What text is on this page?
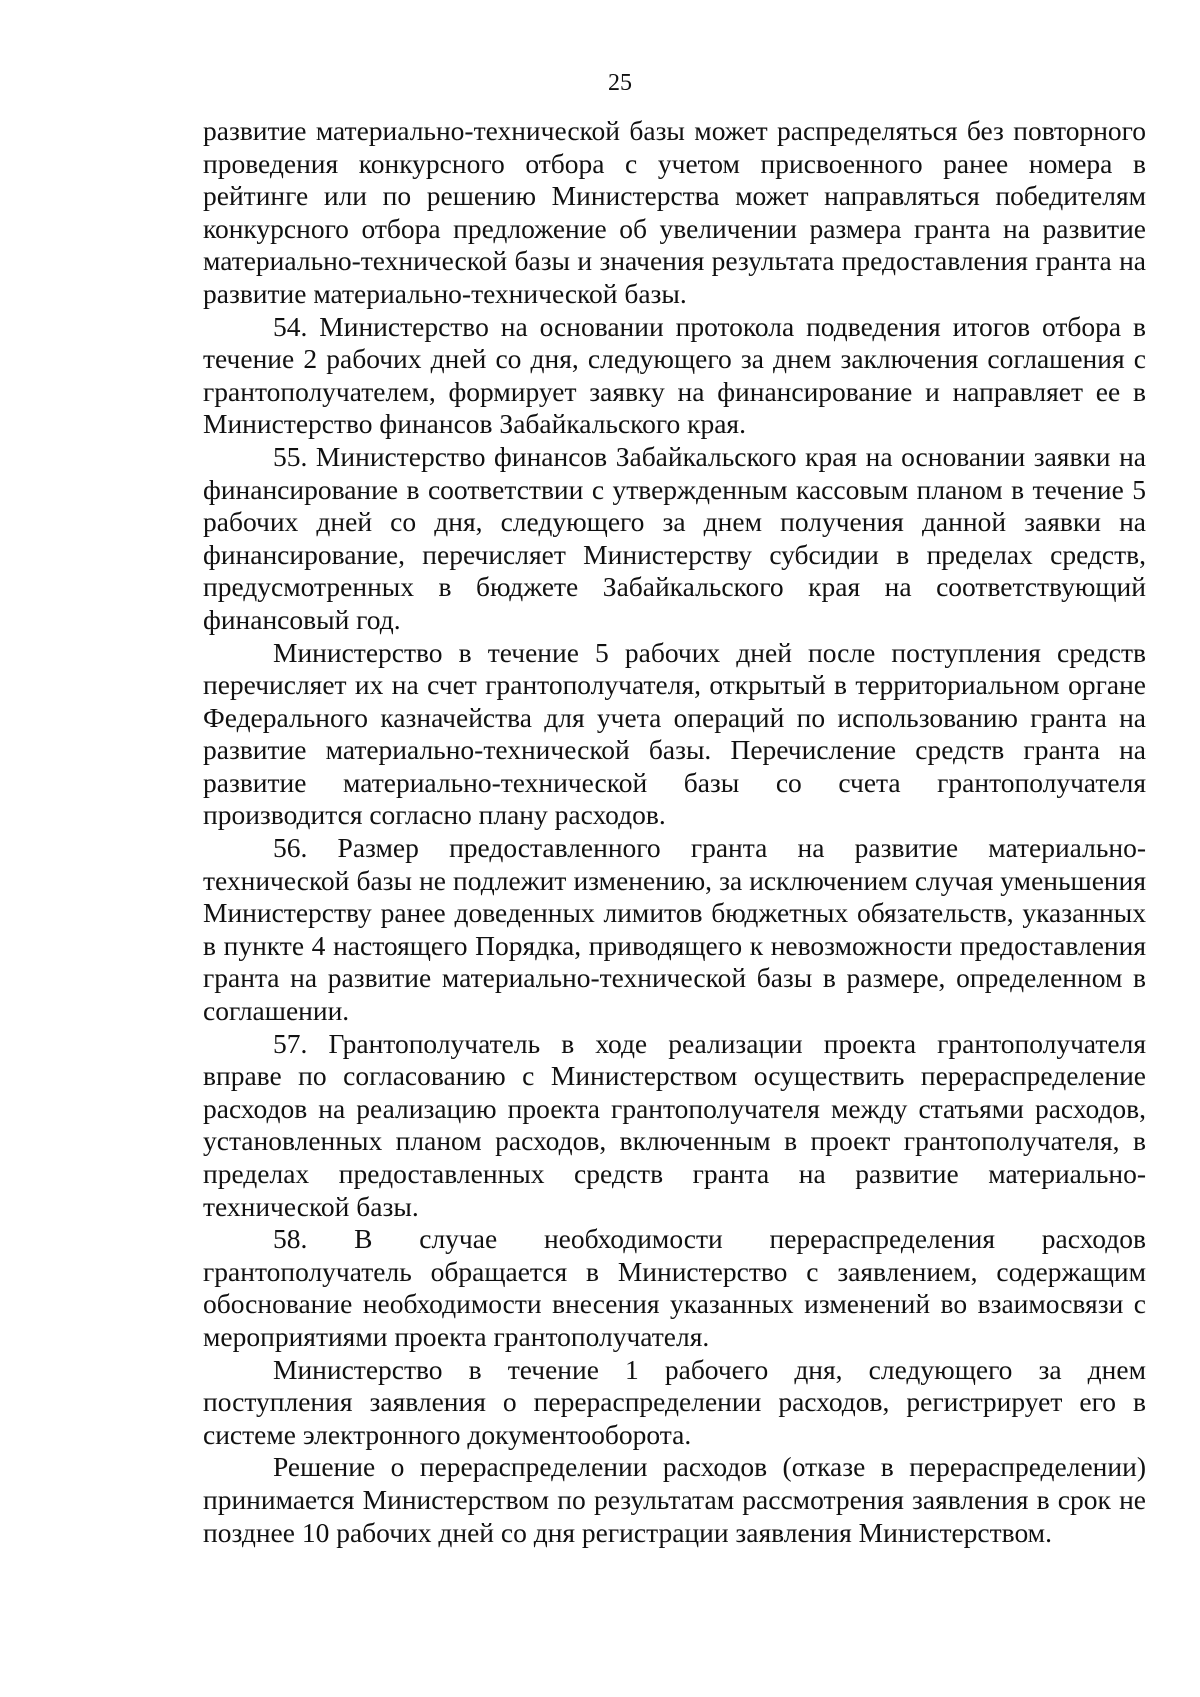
25

развитие материально-технической базы может распределяться без повторного проведения конкурсного отбора с учетом присвоенного ранее номера в рейтинге или по решению Министерства может направляться победителям конкурсного отбора предложение об увеличении размера гранта на развитие материально-технической базы и значения результата предоставления гранта на развитие материально-технической базы.

54. Министерство на основании протокола подведения итогов отбора в течение 2 рабочих дней со дня, следующего за днем заключения соглашения с грантополучателем, формирует заявку на финансирование и направляет ее в Министерство финансов Забайкальского края.

55. Министерство финансов Забайкальского края на основании заявки на финансирование в соответствии с утвержденным кассовым планом в течение 5 рабочих дней со дня, следующего за днем получения данной заявки на финансирование, перечисляет Министерству субсидии в пределах средств, предусмотренных в бюджете Забайкальского края на соответствующий финансовый год.

Министерство в течение 5 рабочих дней после поступления средств перечисляет их на счет грантополучателя, открытый в территориальном органе Федерального казначейства для учета операций по использованию гранта на развитие материально-технической базы. Перечисление средств гранта на развитие материально-технической базы со счета грантополучателя производится согласно плану расходов.

56. Размер предоставленного гранта на развитие материально-технической базы не подлежит изменению, за исключением случая уменьшения Министерству ранее доведенных лимитов бюджетных обязательств, указанных в пункте 4 настоящего Порядка, приводящего к невозможности предоставления гранта на развитие материально-технической базы в размере, определенном в соглашении.

57. Грантополучатель в ходе реализации проекта грантополучателя вправе по согласованию с Министерством осуществить перераспределение расходов на реализацию проекта грантополучателя между статьями расходов, установленных планом расходов, включенным в проект грантополучателя, в пределах предоставленных средств гранта на развитие материально-технической базы.

58. В случае необходимости перераспределения расходов грантополучатель обращается в Министерство с заявлением, содержащим обоснование необходимости внесения указанных изменений во взаимосвязи с мероприятиями проекта грантополучателя.

Министерство в течение 1 рабочего дня, следующего за днем поступления заявления о перераспределении расходов, регистрирует его в системе электронного документооборота.

Решение о перераспределении расходов (отказе в перераспределении) принимается Министерством по результатам рассмотрения заявления в срок не позднее 10 рабочих дней со дня регистрации заявления Министерством.
